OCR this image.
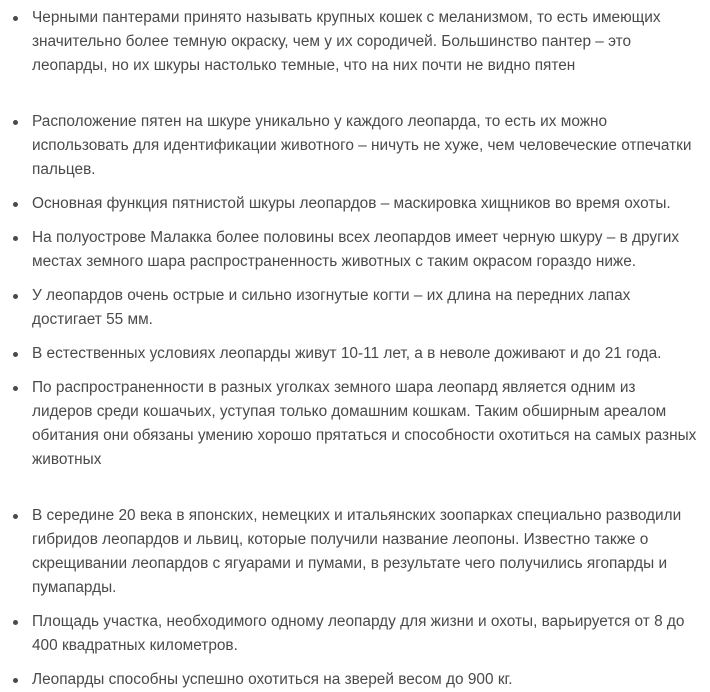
Черными пантерами принято называть крупных кошек с меланизмом, то есть имеющих значительно более темную окраску, чем у их сородичей. Большинство пантер – это леопарды, но их шкуры настолько темные, что на них почти не видно пятен
Расположение пятен на шкуре уникально у каждого леопарда, то есть их можно использовать для идентификации животного – ничуть не хуже, чем человеческие отпечатки пальцев.
Основная функция пятнистой шкуры леопардов – маскировка хищников во время охоты.
На полуострове Малакка более половины всех леопардов имеет черную шкуру – в других местах земного шара распространенность животных с таким окрасом гораздо ниже.
У леопардов очень острые и сильно изогнутые когти – их длина на передних лапах достигает 55 мм.
В естественных условиях леопарды живут 10-11 лет, а в неволе доживают и до 21 года.
По распространенности в разных уголках земного шара леопард является одним из лидеров среди кошачьих, уступая только домашним кошкам. Таким обширным ареалом обитания они обязаны умению хорошо прятаться и способности охотиться на самых разных животных
В середине 20 века в японских, немецких и итальянских зоопарках специально разводили гибридов леопардов и львиц, которые получили название леопоны. Известно также о скрещивании леопардов с ягуарами и пумами, в результате чего получились ягопарды и пумапарды.
Площадь участка, необходимого одному леопарду для жизни и охоты, варьируется от 8 до 400 квадратных километров.
Леопарды способны успешно охотиться на зверей весом до 900 кг.
